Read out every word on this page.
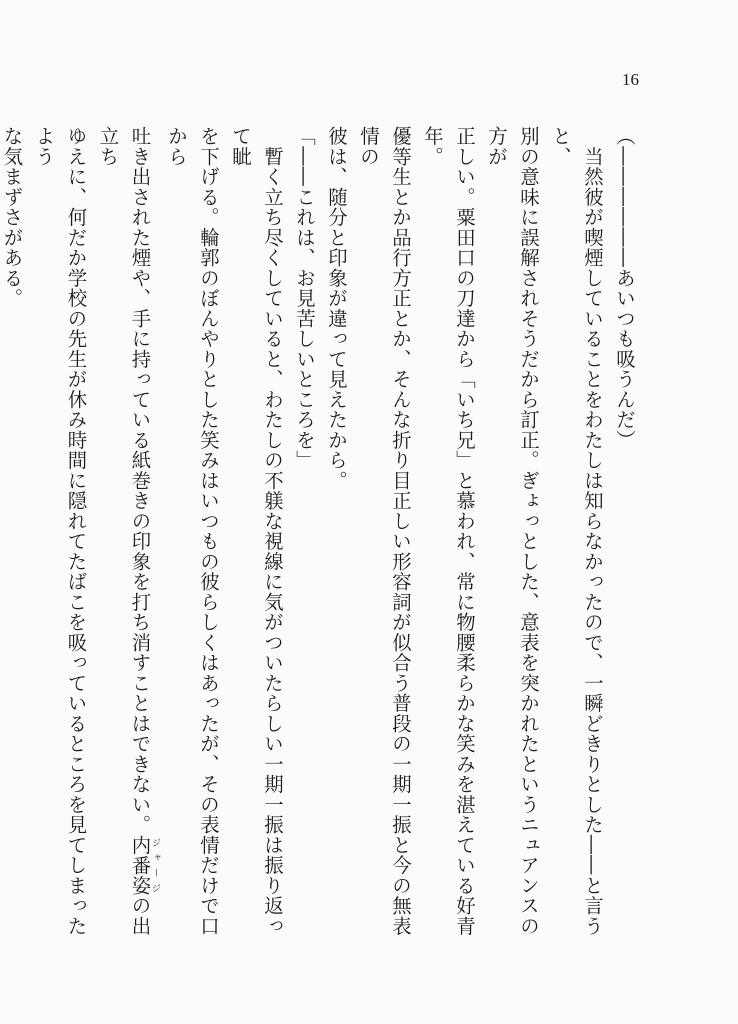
16

（――――――あいつも吸うんだ）

　当然彼が喫煙していることをわたしは知らなかったので、一瞬どきりとした――と言うと、

別の意味に誤解されそうだから訂正。ぎょっとした、意表を突かれたというニュアンスの方が

正しい。粟田口の刀達から「いち兄」と慕われ、常に物腰柔らかな笑みを湛えている好青年。

優等生とか品行方正とか、そんな折り目正しい形容詞が似合う普段の一期一振と今の無表情の

彼は、随分と印象が違って見えたから。

「――これは、お見苦しいところを」

　暫く立ち尽くしていると、わたしの不躾な視線に気がついたらしい一期一振は振り返って眦

を下げる。輪郭のぼんやりとした笑みはいつもの彼らしくはあったが、その表情だけで口から

吐き出された煙や、手に持っている紙巻きの印象を打ち消すことはできない。内番姿ジャージの出立ち

ゆえに、何だか学校の先生が休み時間に隠れてたばこを吸っているところを見てしまったよう

な気まずさがある。
